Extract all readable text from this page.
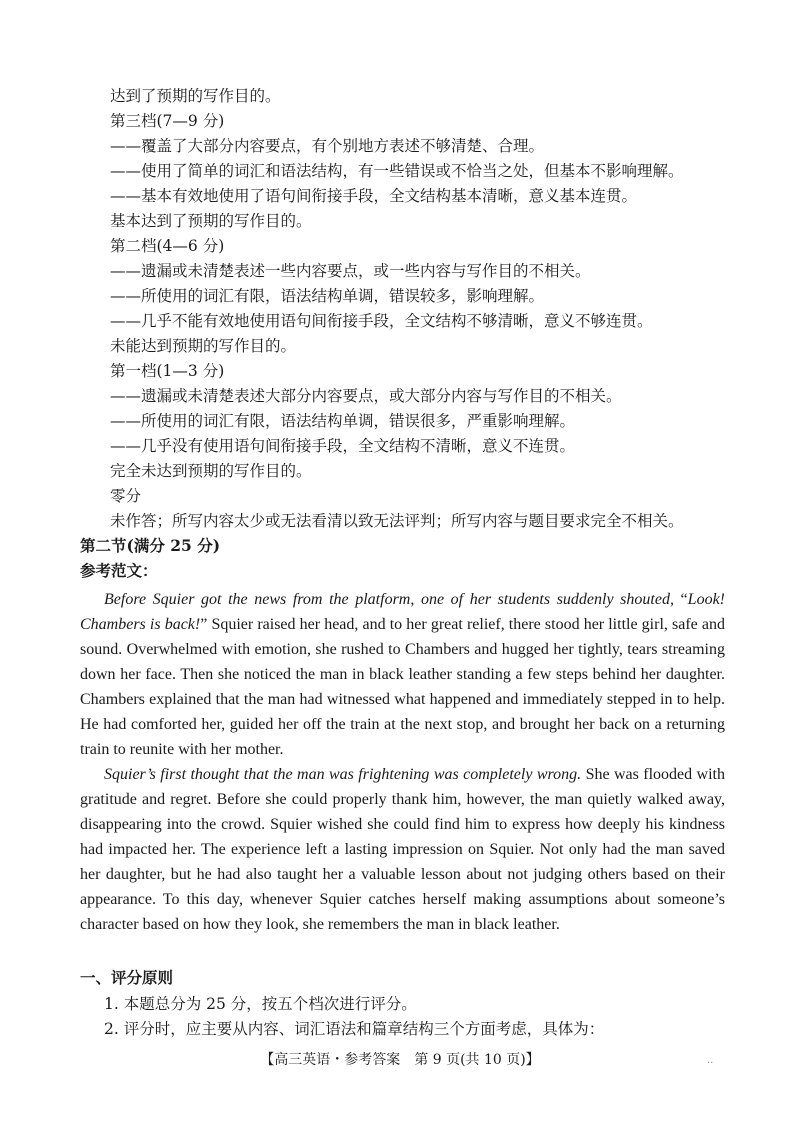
达到了预期的写作目的。
第三档(7—9 分)
——覆盖了大部分内容要点，有个别地方表述不够清楚、合理。
——使用了简单的词汇和语法结构，有一些错误或不恰当之处，但基本不影响理解。
——基本有效地使用了语句间衔接手段，全文结构基本清晰，意义基本连贯。
基本达到了预期的写作目的。
第二档(4—6 分)
——遗漏或未清楚表述一些内容要点，或一些内容与写作目的不相关。
——所使用的词汇有限，语法结构单调，错误较多，影响理解。
——几乎不能有效地使用语句间衔接手段，全文结构不够清晰，意义不够连贯。
未能达到预期的写作目的。
第一档(1—3 分)
——遗漏或未清楚表述大部分内容要点，或大部分内容与写作目的不相关。
——所使用的词汇有限，语法结构单调，错误很多，严重影响理解。
——几乎没有使用语句间衔接手段，全文结构不清晰，意义不连贯。
完全未达到预期的写作目的。
零分
未作答；所写内容太少或无法看清以致无法评判；所写内容与题目要求完全不相关。
第二节(满分 25 分)
参考范文：

Before Squier got the news from the platform, one of her students suddenly shouted, “Look! Chambers is back!” Squier raised her head, and to her great relief, there stood her little girl, safe and sound. Overwhelmed with emotion, she rushed to Chambers and hugged her tightly, tears streaming down her face. Then she noticed the man in black leather standing a few steps behind her daughter. Chambers explained that the man had witnessed what happened and immediately stepped in to help. He had comforted her, guided her off the train at the next stop, and brought her back on a returning train to reunite with her mother.

Squier’s first thought that the man was frightening was completely wrong. She was flooded with gratitude and regret. Before she could properly thank him, however, the man quietly walked away, disappearing into the crowd. Squier wished she could find him to express how deeply his kindness had impacted her. The experience left a lasting impression on Squier. Not only had the man saved her daughter, but he had also taught her a valuable lesson about not judging others based on their appearance. To this day, whenever Squier catches herself making assumptions about someone’s character based on how they look, she remembers the man in black leather.

一、评分原则
1. 本题总分为 25 分，按五个档次进行评分。
2. 评分时，应主要从内容、词汇语法和篇章结构三个方面考虑，具体为：
【高三英语・参考答案　第 9 页(共 10 页)】	..
